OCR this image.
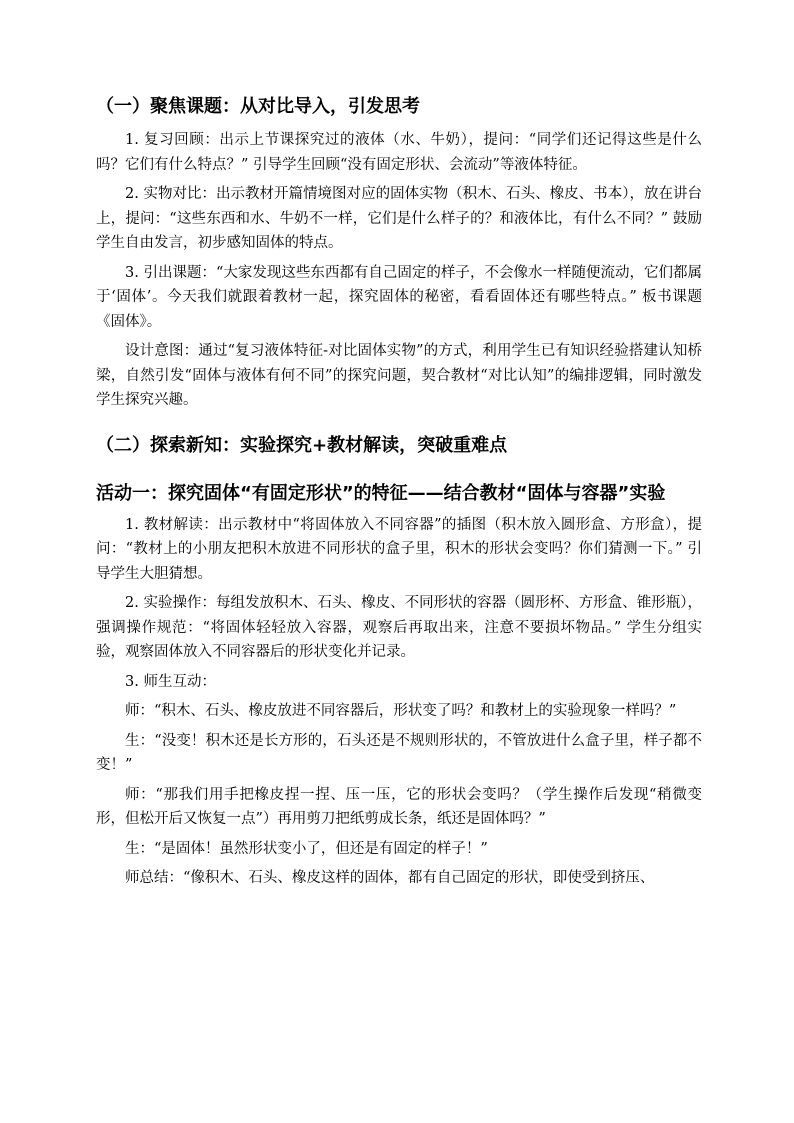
（一）聚焦课题：从对比导入，引发思考

1. 复习回顾：出示上节课探究过的液体（水、牛奶），提问：“同学们还记得这些是什么吗？它们有什么特点？” 引导学生回顾“没有固定形状、会流动”等液体特征。

2. 实物对比：出示教材开篇情境图对应的固体实物（积木、石头、橡皮、书本），放在讲台上，提问：“这些东西和水、牛奶不一样，它们是什么样子的？和液体比，有什么不同？” 鼓励学生自由发言，初步感知固体的特点。

3. 引出课题：“大家发现这些东西都有自己固定的样子，不会像水一样随便流动，它们都属于‘固体’。今天我们就跟着教材一起，探究固体的秘密，看看固体还有哪些特点。” 板书课题《固体》。

设计意图：通过“复习液体特征-对比固体实物”的方式，利用学生已有知识经验搭建认知桥梁，自然引发“固体与液体有何不同”的探究问题，契合教材“对比认知”的编排逻辑，同时激发学生探究兴趣。

（二）探索新知：实验探究+教材解读，突破重难点
活动一：探究固体“有固定形状”的特征——结合教材“固体与容器”实验

1. 教材解读：出示教材中“将固体放入不同容器”的插图（积木放入圆形盒、方形盒），提问：“教材上的小朋友把积木放进不同形状的盒子里，积木的形状会变吗？你们猜测一下。” 引导学生大胆猜想。

2. 实验操作：每组发放积木、石头、橡皮、不同形状的容器（圆形杯、方形盒、锥形瓶），强调操作规范：“将固体轻轻放入容器，观察后再取出来，注意不要损坏物品。” 学生分组实验，观察固体放入不同容器后的形状变化并记录。

3. 师生互动：

师：“积木、石头、橡皮放进不同容器后，形状变了吗？和教材上的实验现象一样吗？”

生：“没变！积木还是长方形的，石头还是不规则形状的，不管放进什么盒子里，样子都不变！”

师：“那我们用手把橡皮捏一捏、压一压，它的形状会变吗？（学生操作后发现“稍微变形，但松开后又恢复一点”）再用剪刀把纸剪成长条，纸还是固体吗？”

生：“是固体！虽然形状变小了，但还是有固定的样子！”

师总结：“像积木、石头、橡皮这样的固体，都有自己固定的形状，即使受到挤压、
